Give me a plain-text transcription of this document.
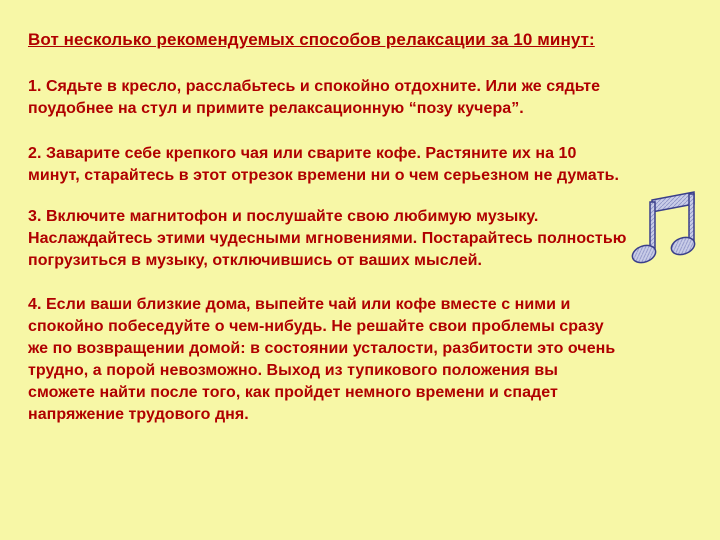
Вот несколько рекомендуемых способов релаксации за 10 минут:
1. Сядьте в кресло, расслабьтесь и спокойно отдохните. Или же сядьте
поудобнее на стул и примите релаксационную “позу кучера”.
2. Заварите себе крепкого чая или сварите кофе. Растяните их на 10
минут, старайтесь в этот отрезок времени ни о чем серьезном не думать.
3. Включите магнитофон и послушайте свою любимую музыку.
Наслаждайтесь этими чудесными мгновениями. Постарайтесь полностью
погрузиться в музыку, отключившись от ваших мыслей.
4. Если ваши близкие дома, выпейте чай или кофе вместе с ними и
спокойно побеседуйте о чем-нибудь. Не решайте свои проблемы сразу
же по возвращении домой: в состоянии усталости, разбитости это очень
трудно, а порой невозможно. Выход из тупикового положения вы
сможете найти после того, как пройдет немного времени и спадет
напряжение трудового дня.
